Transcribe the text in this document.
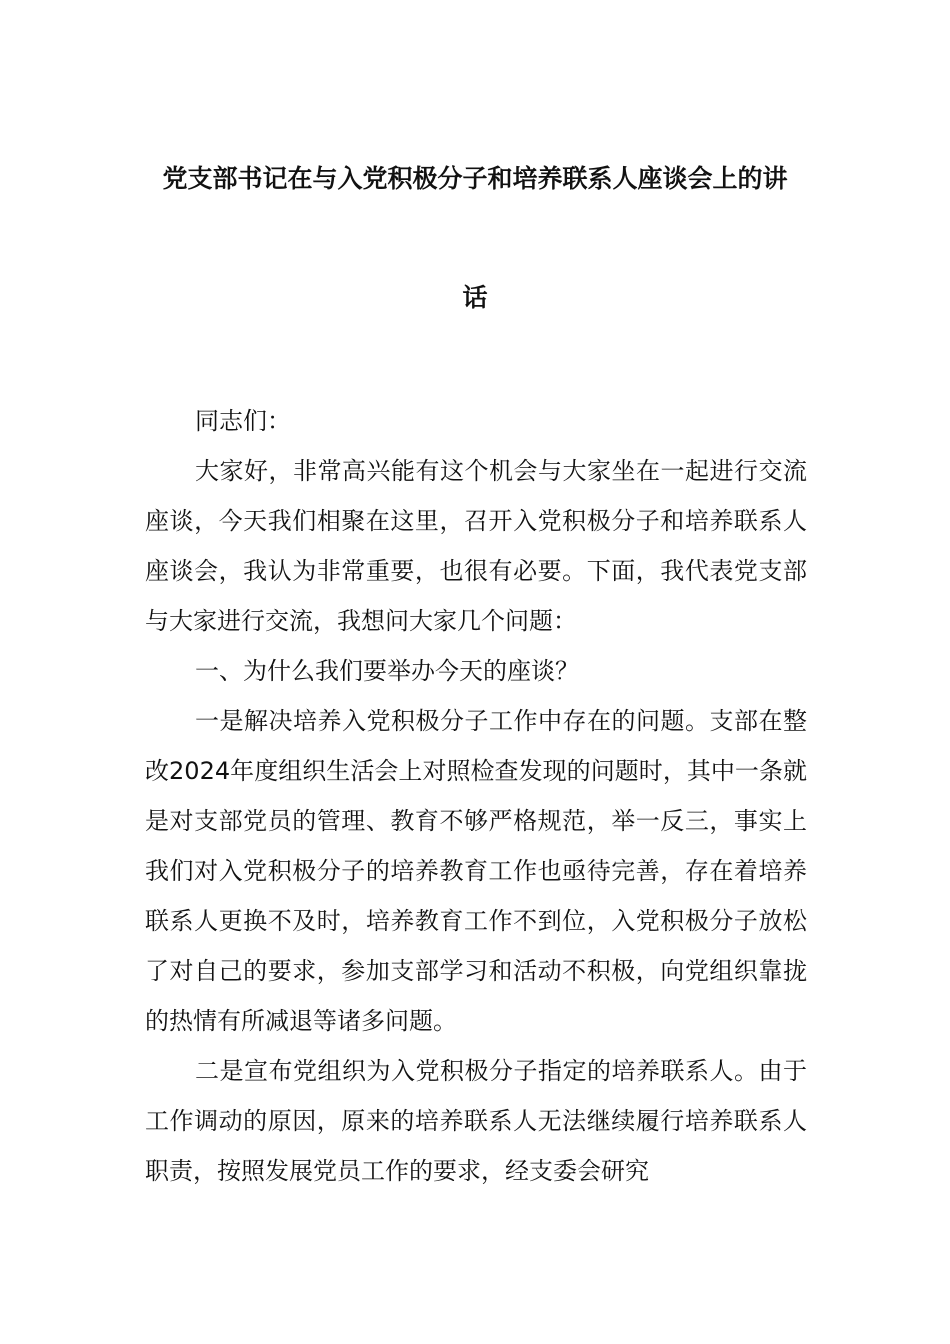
党支部书记在与入党积极分子和培养联系人座谈会上的讲
话

同志们：

大家好，非常高兴能有这个机会与大家坐在一起进行交流座谈，今天我们相聚在这里，召开入党积极分子和培养联系人座谈会，我认为非常重要，也很有必要。下面，我代表党支部与大家进行交流，我想问大家几个问题：

一、为什么我们要举办今天的座谈？

一是解决培养入党积极分子工作中存在的问题。支部在整改2024年度组织生活会上对照检查发现的问题时，其中一条就是对支部党员的管理、教育不够严格规范，举一反三，事实上我们对入党积极分子的培养教育工作也亟待完善，存在着培养联系人更换不及时，培养教育工作不到位，入党积极分子放松了对自己的要求，参加支部学习和活动不积极，向党组织靠拢的热情有所减退等诸多问题。

二是宣布党组织为入党积极分子指定的培养联系人。由于工作调动的原因，原来的培养联系人无法继续履行培养联系人职责，按照发展党员工作的要求，经支委会研究
